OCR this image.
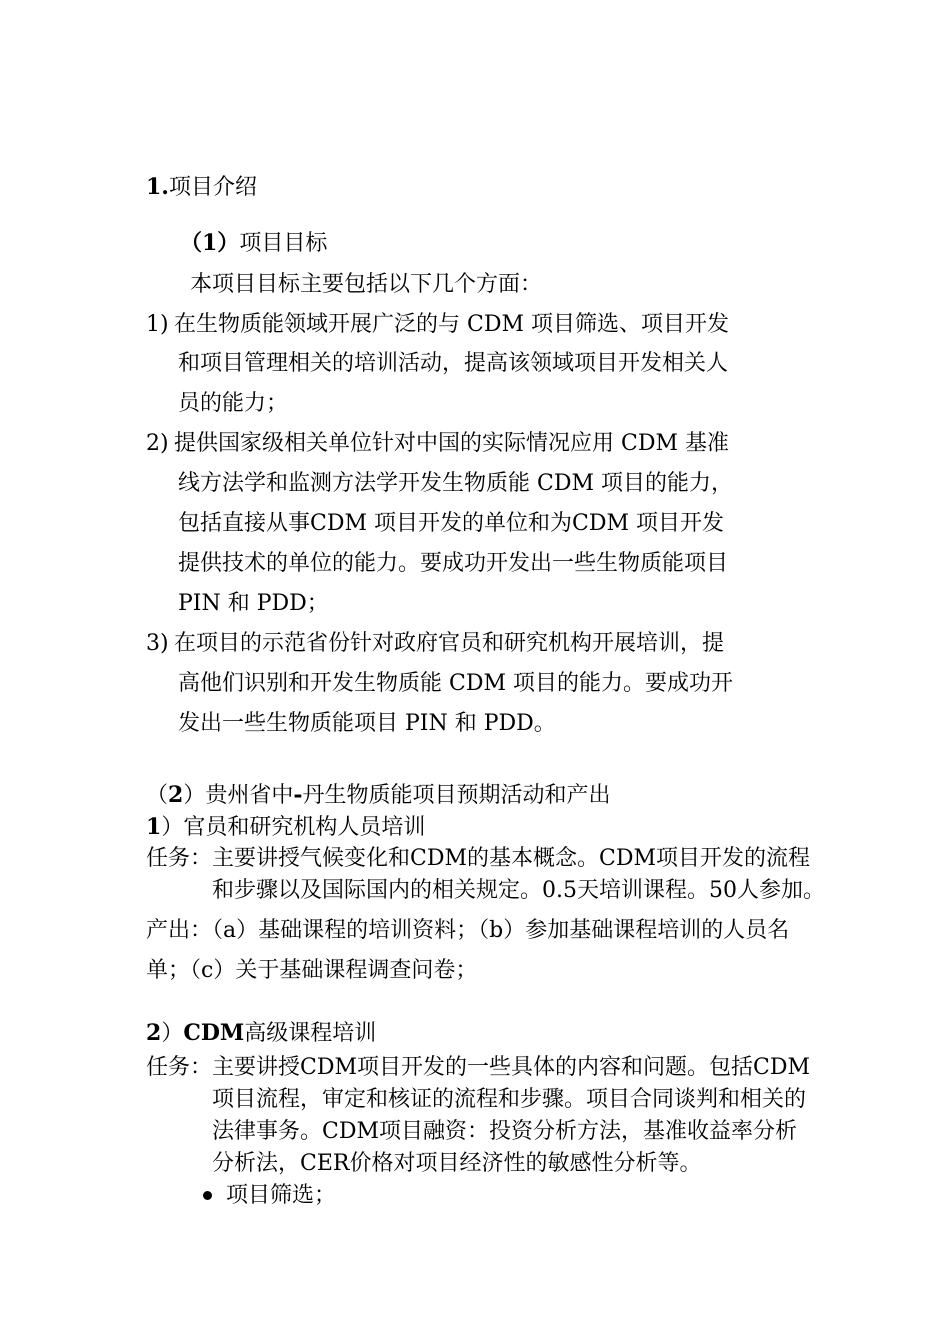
1.项目介绍
（1）项目目标
本项目目标主要包括以下几个方面：
1) 在生物质能领域开展广泛的与 CDM 项目筛选、项目开发
和项目管理相关的培训活动，提高该领域项目开发相关人
员的能力；
2) 提供国家级相关单位针对中国的实际情况应用 CDM 基准
线方法学和监测方法学开发生物质能 CDM 项目的能力，
包括直接从事CDM 项目开发的单位和为CDM 项目开发
提供技术的单位的能力。要成功开发出一些生物质能项目
PIN 和 PDD；
3) 在项目的示范省份针对政府官员和研究机构开展培训，提
高他们识别和开发生物质能 CDM 项目的能力。要成功开
发出一些生物质能项目 PIN 和 PDD。
（2）贵州省中-丹生物质能项目预期活动和产出
1）官员和研究机构人员培训
任务： 主要讲授气候变化和CDM的基本概念。CDM项目开发的流程
和步骤以及国际国内的相关规定。0.5天培训课程。50人参加。
产出：（a）基础课程的培训资料；（b）参加基础课程培训的人员名
单；（c）关于基础课程调查问卷；
2）CDM高级课程培训
任务： 主要讲授CDM项目开发的一些具体的内容和问题。包括CDM
项目流程，审定和核证的流程和步骤。项目合同谈判和相关的
法律事务。CDM项目融资：投资分析方法，基准收益率分析
分析法，CER价格对项目经济性的敏感性分析等。
项目筛选；
